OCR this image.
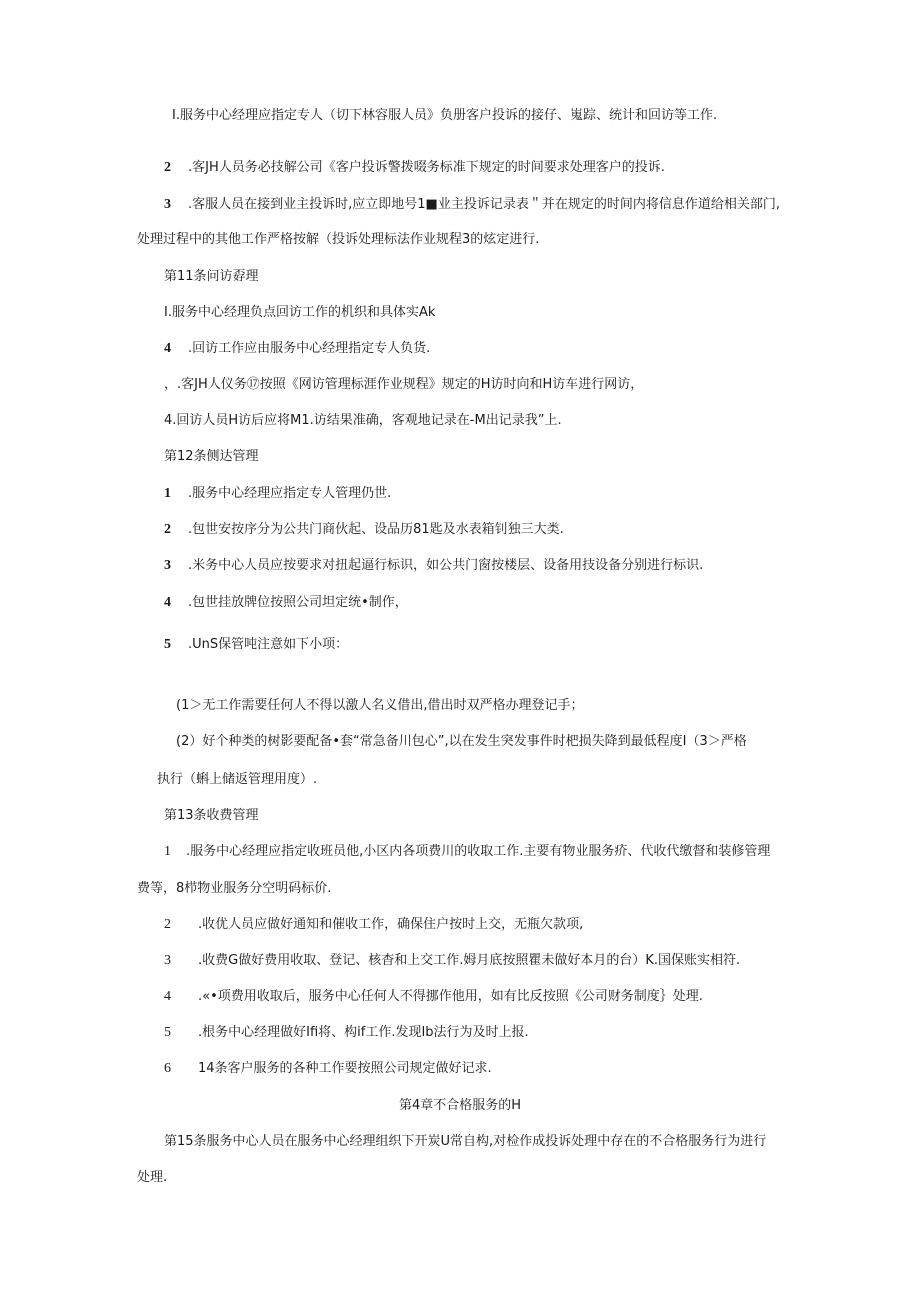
I.服务中心经理应指定专人（切下林容服人员》负册客户投诉的接仔、嵬踪、统计和回访等工作.
2 .客JH人员务必技解公司《客户投诉警拨啜务标准下规定的时间要求处理客户的投诉.
3 .客服人员在接到业主投诉时,应立即地号1■业主投诉记录表＂并在规定的时间内将信息作道给相关部门,
处理过程中的其他工作严格按解（投诉处理标法作业规程3的炫定进行.
第11条问访孬理
I.服务中心经理负点回访工作的机织和具体实Ak
4 .回访工作应由服务中心经理指定专人负货.
，.客JH人仪务⑰按照《网访管理标涯作业规程》规定的H访时向和H访车进行网访，
4.回访人员H访后应将M1.访结果准确，客观地记录在-M出记录我”上.
第12条侧达管理
1 .服务中心经理应指定专人管理仍世.
2 .包世安按序分为公共门商伙起、设品历81匙及水表箱钊独三大类.
3 .米务中心人员应按要求对扭起逼行标识，如公共门窗按楼层、设备用技设备分别进行标识.
4 .包世挂放牌位按照公司坦定统•制作，
5 .UnS保管吨注意如下小项：
(1＞无工作需要任何人不得以激人名义借出,借出时双严格办理登记手；
(2）好个种类的树影要配备•套“常急备川包心”,以在发生突发事件时杷损失降到最低程度I（3＞严格
执行（蝌上储返管理用度）.
第13条收费管理
1 .服务中心经理应指定收班员他,小区内各项费川的收取工作.主要有物业服务疥、代收代缴督和装修管理
费等，8栉物业服务分空明码标价.
2 .收优人员应做好通知和催收工作，确保住户按时上交，无瓶欠款项,
3 .收费G做好费用收取、登记、核杳和上交工作.姆月底按照瞿未做好本月的台）K.国保账实相符.
4 .«•项费用收取后，服务中心任何人不得挪作他用，如有比反按照《公司财务制度｝处理.
5 .根务中心经理做好Ifi将、构if工作.发现Ib法行为及时上报.
6 14条客户服务的各种工作要按照公司规定做好记求.
第4章不合格服务的H
第15条服务中心人员在服务中心经理组织下开炭U常自构,对检作成投诉处理中存在的不合格服务行为进行
处理.
